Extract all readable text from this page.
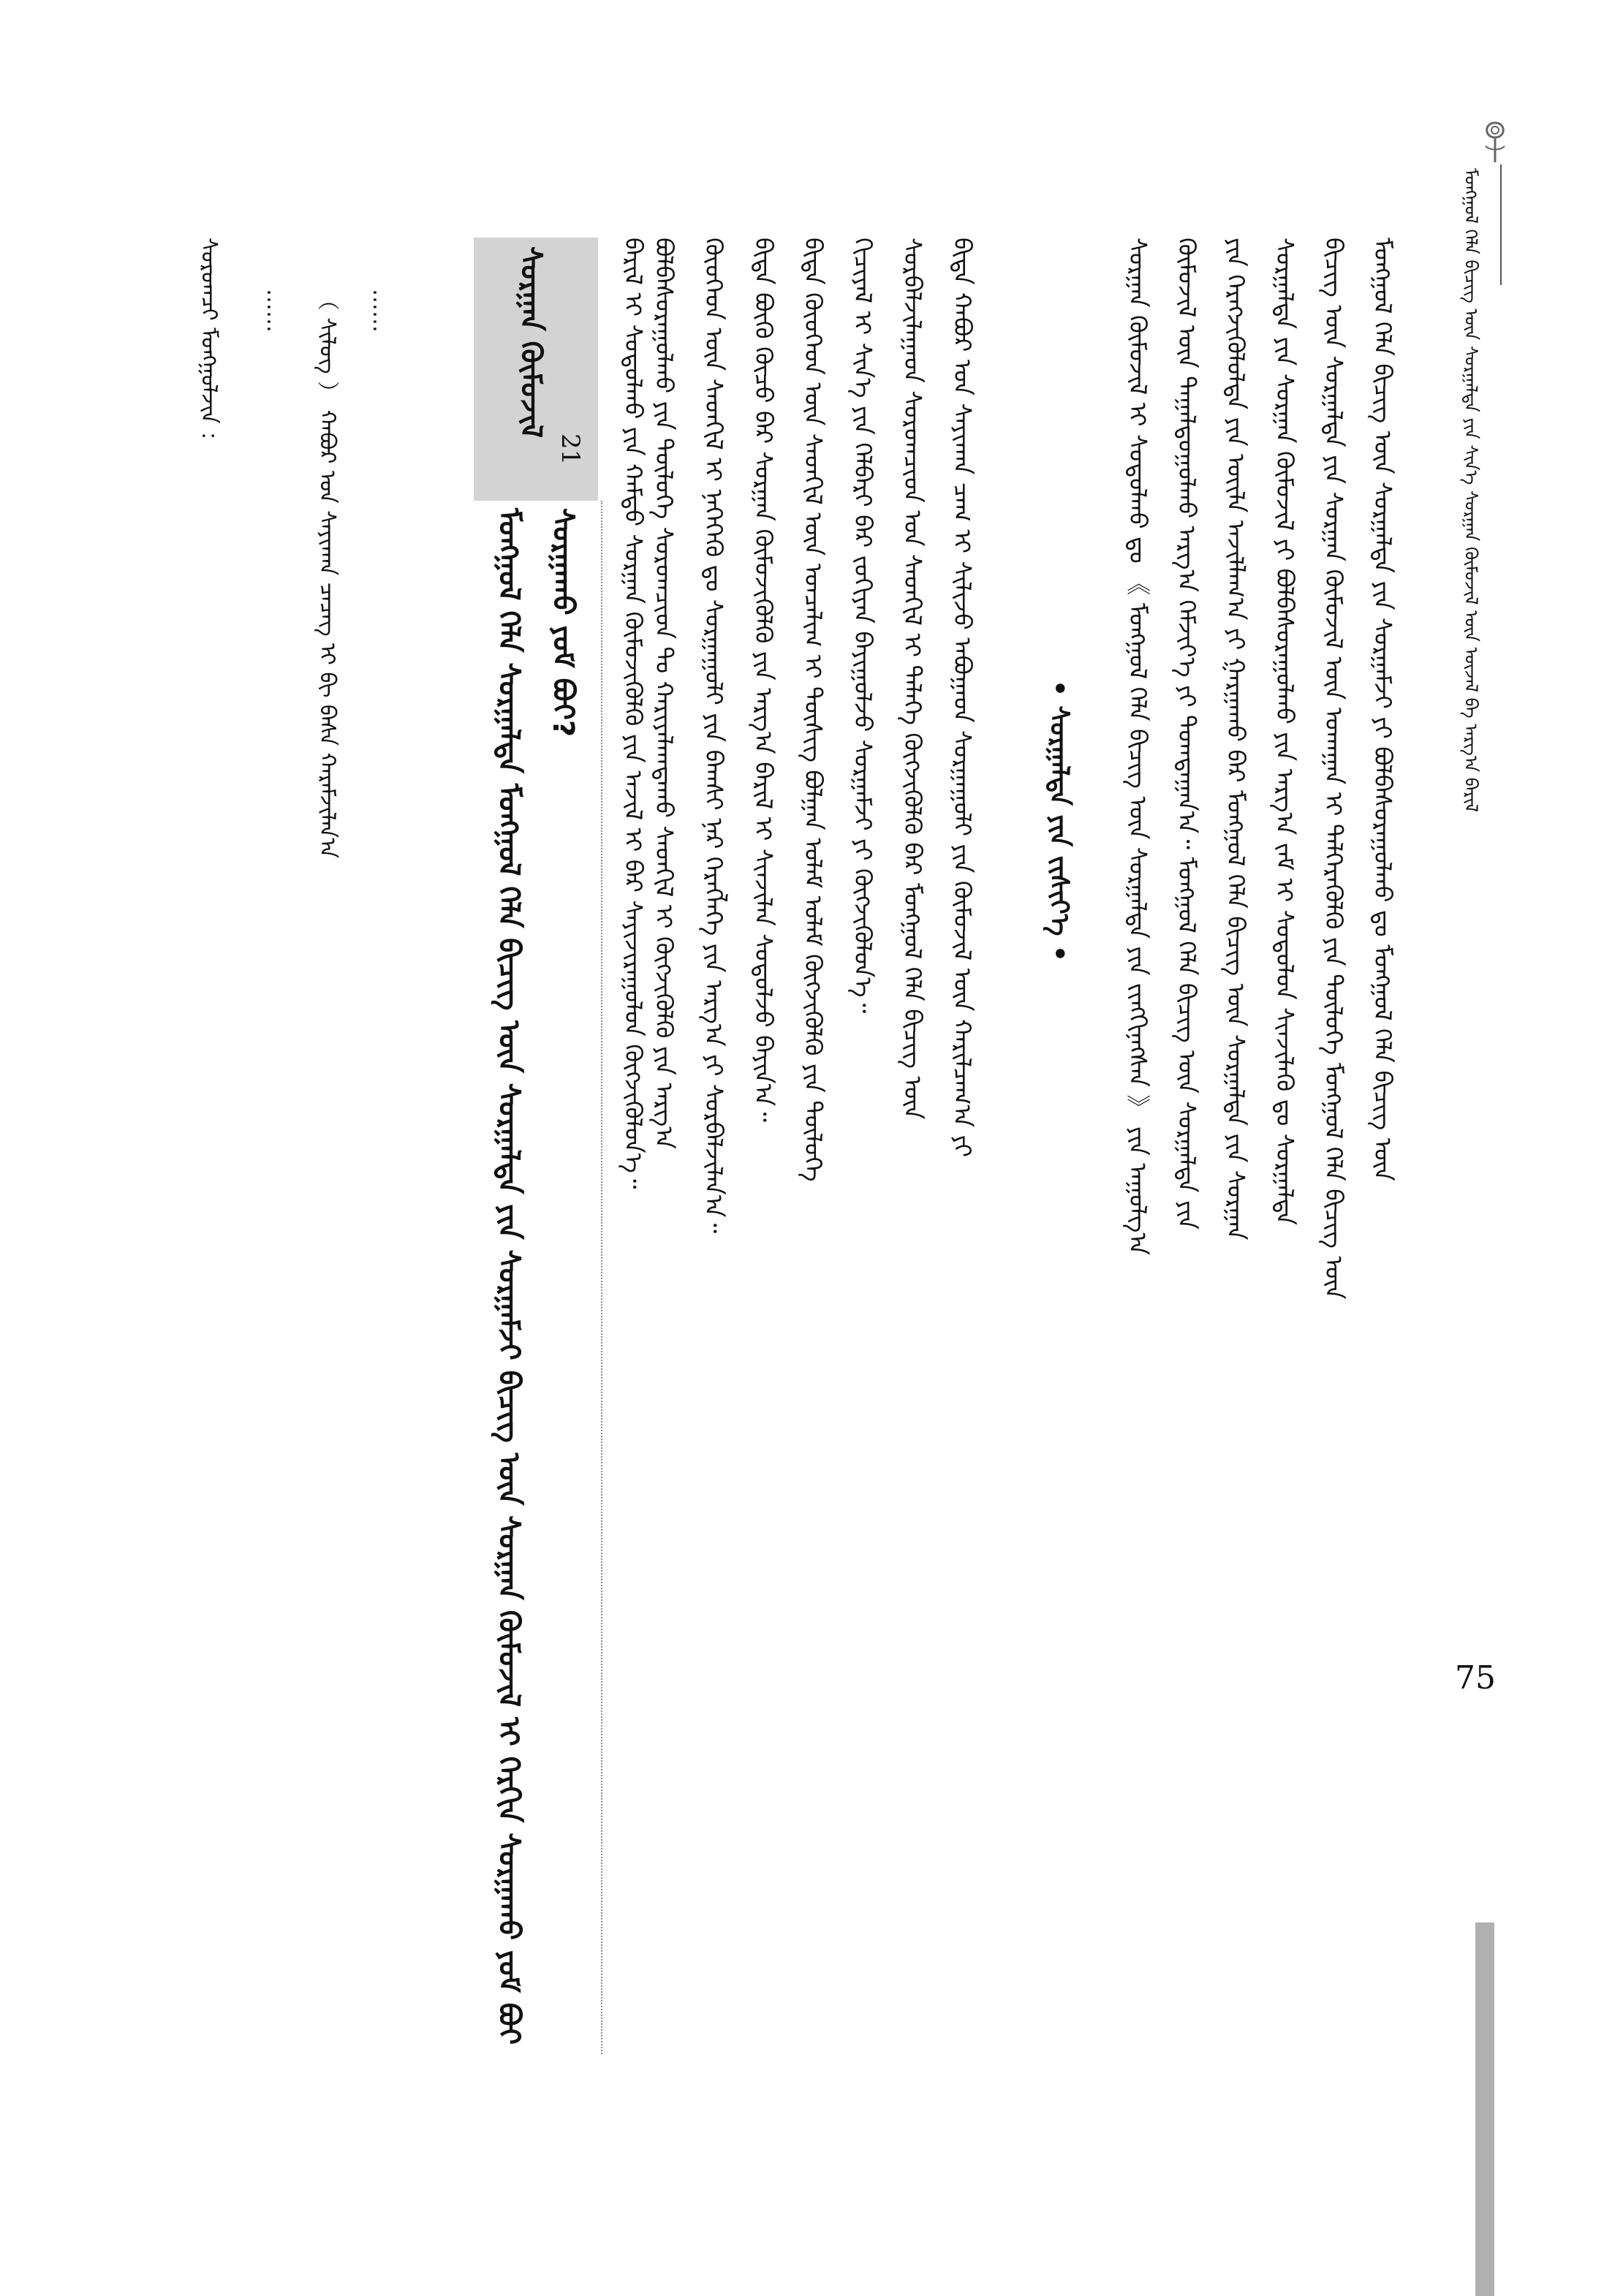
ᠮᠣᠩᠭᠣᠯ ᠬᠡᠯᠡ ᠪᠢᠴᠢᠭ᠌ ᠦᠨ ᠰᠤᠷᠭᠠᠯᠲᠠ ᠶᠢᠨ ᠰᠢᠨ᠎ᠡ ᠰᠤᠷᠭᠠᠨ ᠬᠦᠮᠦᠵᠢᠯ ᠦᠨ ᠦᠵᠡᠯ ᠪᠠ ᠠᠷᠭ᠎ᠠ ᠪᠠᠷᠢᠯ
ᠮᠣᠩᠭᠣᠯ ᠬᠡᠯᠡ ᠪᠢᠴᠢᠭ᠌ ᠦᠨ ᠰᠤᠷᠭᠠᠯᠲᠠ ᠶᠢᠨ ᠰᠤᠷᠭᠠᠮᠵᠢ ᠶᠢ ᠪᠣᠯᠪᠠᠰᠤᠷᠠᠭᠤᠯᠬᠤ ᠳᠤ ᠮᠣᠩᠭᠣᠯ ᠬᠡᠯᠡ ᠪᠢᠴᠢᠭ᠌ ᠦᠨ
ᠪᠢᠴᠢᠭ᠌ ᠦᠨ ᠰᠤᠷᠭᠠᠯᠲᠠ ᠶᠢᠨ ᠰᠤᠷᠭᠠᠨ ᠬᠦᠮᠦᠵᠢᠯ ᠦᠨ ᠤᠬᠠᠭᠠᠨ ᠢ ᠲᠡᠯᠭᠡᠷᠡᠭᠦᠯᠬᠦ ᠶᠢᠨ ᠲᠥᠯᠥᠭᠡ ᠮᠣᠩᠭᠣᠯ ᠬᠡᠯᠡ ᠪᠢᠴᠢᠭ᠌ ᠦᠨ
ᠰᠤᠷᠭᠠᠯᠲᠠ ᠶᠢᠨ ᠰᠤᠷᠭᠠᠨ ᠬᠦᠮᠦᠵᠢᠯ ᠶᠢ ᠪᠣᠯᠪᠠᠰᠤᠷᠠᠭᠤᠯᠬᠤ ᠶᠢᠨ ᠠᠷᠭ᠎ᠠ ᠵᠠᠮ ᠢ ᠰᠤᠳᠤᠯᠤᠨ ᠰᠢᠨᠵᠢᠯᠡᠬᠦ ᠳᠤ ᠰᠤᠷᠭᠠᠯᠲᠠ
ᠶᠢᠨ ᠬᠡᠷᠡᠭᠵᠢᠭᠦᠯᠦᠯᠲᠡ ᠶᠢᠨ ᠦᠢᠯᠡ ᠠᠵᠢᠯᠯᠠᠭ᠎ᠠ ᠶᠢ ᠭᠠᠷᠭᠠᠬᠤ ᠪᠠᠷ ᠮᠣᠩᠭᠣᠯ ᠬᠡᠯᠡ ᠪᠢᠴᠢᠭ᠌ ᠦᠨ ᠰᠤᠷᠭᠠᠯᠲᠠ ᠶᠢᠨ ᠰᠤᠷᠭᠠᠨ
ᠬᠦᠮᠦᠵᠢᠯ ᠦᠨ ᠳᠠᠭᠠᠯᠳᠤᠭᠤᠯᠬᠤ ᠠᠷᠭ᠎ᠠ ᠬᠡᠮᠵᠢᠶ᠎ᠡ ᠶᠢ ᠲᠣᠭᠲᠠᠭᠠᠨ᠎ᠠ᠃ ᠮᠣᠩᠭᠣᠯ ᠬᠡᠯᠡ ᠪᠢᠴᠢᠭ᠌ ᠦᠨ ᠰᠤᠷᠭᠠᠯᠲᠠ ᠶᠢᠨ
ᠰᠤᠷᠭᠠᠨ ᠬᠦᠮᠦᠵᠢᠯ ᠢ ᠰᠤᠳᠤᠯᠬᠤ ᠳᠤ 《 ᠮᠣᠩᠭᠣᠯ ᠬᠡᠯᠡ ᠪᠢᠴᠢᠭ᠌ ᠦᠨ ᠰᠤᠷᠭᠠᠯᠲᠠ ᠶᠢᠨ ᠵᠢᠩᠬᠢᠨᠡᠭᠰᠡᠨ 》 ᠶᠢᠨ ᠠᠭᠤᠯᠭ᠎ᠠ
• ᠰᠤᠷᠭᠠᠯᠲᠠ ᠶᠢᠨ ᠵᠢᠱᠢᠶ᠎ᠡ •
ᠪᠢᠳᠡ ᠬᠠᠪᠤᠷ ᠤᠨ ᠰᠠᠶᠢᠬᠠᠨ ᠴᠠᠭ ᠢ ᠰᠢᠯᠢᠵᠦ ᠠᠪᠤᠭᠠᠳ ᠰᠤᠷᠭᠠᠭᠤᠯᠢ ᠶᠢᠨ ᠬᠦᠮᠦᠵᠢᠯ ᠦᠨ ᠬᠠᠷᠢᠯᠴᠠᠭ᠎ᠠ ᠶᠢ
ᠰᠤᠷᠪᠠᠯᠵᠢᠯᠠᠭᠠᠳ ᠰᠤᠷᠤᠭᠴᠢᠳ ᠤᠨ ᠰᠡᠳᠬᠢᠯ ᠢ ᠲᠡᠯᠡᠭᠡ ᠬᠦᠭᠵᠢᠭᠦᠯᠬᠦ ᠪᠠᠷ ᠮᠣᠩᠭᠣᠯ ᠬᠡᠯᠡ ᠪᠢᠴᠢᠭ᠌ ᠦᠨ
ᠬᠢᠴᠢᠶᠡᠯ ᠢ ᠰᠢᠨ᠎ᠡ ᠶᠢᠨ ᠬᠡᠯᠪᠡᠷᠢ ᠪᠡᠷ ᠵᠣᠬᠢᠶᠠᠨ ᠪᠠᠶᠢᠭᠤᠯᠵᠤ ᠰᠤᠷᠭᠠᠮᠵᠢ ᠶᠢ ᠬᠥᠭᠵᠢᠭᠦᠯᠦᠨ᠎ᠡ᠃
ᠪᠢᠳᠡ ᠬᠦᠦᠬᠡᠳ ᠦᠨ ᠰᠡᠳᠬᠢᠯ ᠦᠨ ᠣᠨᠴᠠᠯᠢᠭ ᠢ ᠲᠦᠰᠢᠭ ᠪᠣᠯᠭᠠᠨ ᠤᠯᠠᠮ ᠤᠯᠠᠮ ᠬᠥᠭᠵᠢᠭᠦᠯᠬᠦ ᠶᠢᠨ ᠲᠥᠯᠥᠭᠡ
ᠪᠢᠳᠡ ᠪᠦᠬᠦ ᠬᠦᠴᠦ ᠪᠡᠷ ᠰᠤᠷᠭᠠᠨ ᠬᠦᠮᠦᠵᠢᠭᠦᠯᠬᠦ ᠶᠢᠨ ᠠᠷᠭ᠎ᠠ ᠪᠠᠷᠢᠯ ᠢ ᠰᠢᠨᠵᠢᠯᠡᠨ ᠰᠤᠳᠤᠯᠵᠤ ᠪᠠᠶᠢᠨ᠎ᠠ᠃
ᠬᠦᠦᠬᠡᠳ ᠦᠨ ᠰᠡᠳᠬᠢᠯ ᠢ ᠨᠡᠭᠡᠭᠡᠬᠦ ᠳᠤ ᠰᠤᠷᠭᠠᠭᠤᠯᠢ ᠶᠢᠨ ᠪᠠᠭᠰᠢ ᠨᠠᠷ ᠬᠡᠷᠡᠭᠯᠡᠭᠡ ᠶᠢᠨ ᠠᠷᠭ᠎ᠠ ᠶᠢ ᠰᠤᠷᠪᠠᠯᠵᠢᠯᠠᠨ᠎ᠠ᠃
ᠪᠣᠯᠪᠠᠰᠤᠷᠠᠭᠤᠯᠬᠤ ᠶᠢᠨ ᠲᠥᠯᠥᠭᠡ ᠰᠤᠷᠤᠭᠴᠢᠳ ᠲᠤ ᠬᠠᠷᠢᠶᠠᠯᠠᠭᠳᠠᠬᠤ ᠰᠡᠳᠬᠢᠯ ᠢ ᠬᠥᠭᠵᠢᠭᠦᠯᠬᠦ ᠶᠢᠨ ᠠᠷᠭ᠎ᠠ
ᠪᠠᠷᠢᠯ ᠢ ᠰᠤᠳᠤᠯᠬᠤ ᠶᠢᠨ ᠬᠠᠮᠲᠤ ᠰᠤᠷᠭᠠᠨ ᠬᠦᠮᠦᠵᠢᠭᠦᠯᠬᠦ ᠶᠢᠨ ᠠᠵᠢᠯ ᠢ ᠪᠠᠷ ᠰᠠᠶᠢᠵᠢᠷᠠᠭᠤᠯᠤᠨ ᠬᠥᠭᠵᠢᠭᠦᠯᠦᠨ᠎ᠡ᠃
ᠰᠤᠷᠭᠠᠨ ᠬᠦᠮᠦᠵᠢᠯ
21
ᠰᠤᠷᠭᠠᠬᠤ ᠶᠤᠮ ᠪᠤᠢ?
ᠮᠣᠩᠭᠣᠯ ᠬᠡᠯᠡ ᠰᠤᠷᠭᠠᠯᠲᠠ ᠮᠣᠩᠭᠣᠯ ᠬᠡᠯᠡ ᠪᠢᠴᠢᠭ᠌ ᠦᠨ ᠰᠤᠷᠭᠠᠯᠲᠠ ᠶᠢᠨ ᠰᠤᠷᠭᠠᠮᠵᠢ ᠪᠢᠴᠢᠭ᠌ ᠦᠨ ᠰᠤᠷᠭᠠᠨ ᠬᠦᠮᠦᠵᠢᠯ ᠢ ᠬᠡᠷᠬᠢᠨ ᠰᠤᠷᠭᠠᠬᠤ ᠶᠤᠮ ᠪᠤᠢ
……
（ ᠰᠢᠯᠦᠭ ） ᠬᠠᠪᠤᠷ ᠤᠨ ᠰᠠᠶᠢᠬᠠᠨ ᠴᠡᠴᠡᠭ ᠢ ᠪᠢ ᠪᠠᠰᠠ ᠬᠠᠷᠠᠮᠵᠢᠯᠠᠨ᠎ᠠ
……
ᠰᠤᠷᠤᠭᠴᠢ ᠮᠣᠩᠭᠣᠯᠵᠢᠨ ：
75
